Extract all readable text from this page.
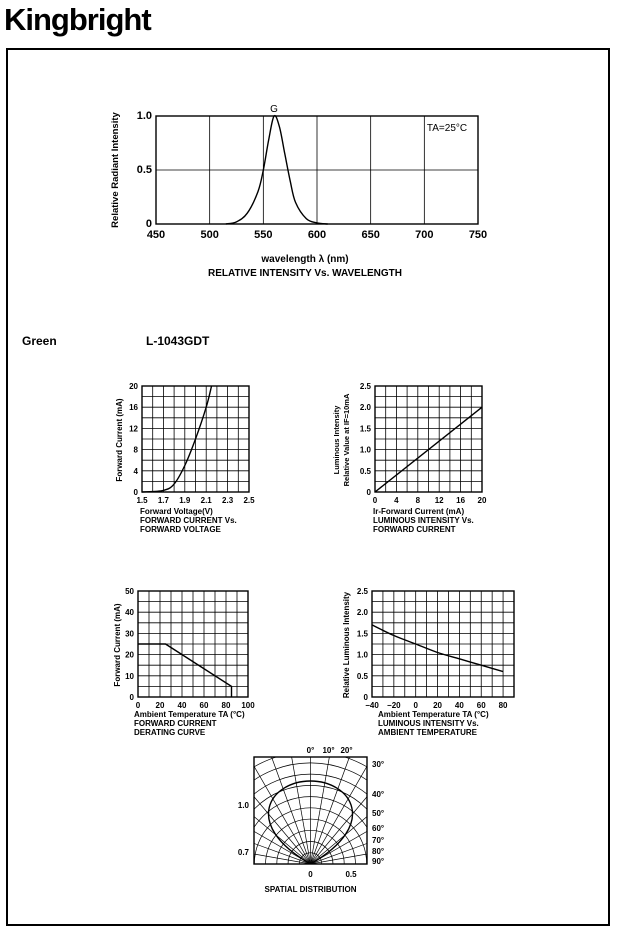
Kingbright
Green	L-1043GDT
450	500	550	600	650	700	750
0
0.5
1.0
G
TA=25°C
Relative Radiant Intensity
wavelength λ (nm)
RELATIVE INTENSITY Vs. WAVELENGTH
1.5 1.7 1.9 2.1 2.3 2.5
0
4
8
12
16
20
Forward Current (mA)
Forward Voltage(V)
FORWARD CURRENT Vs.
FORWARD VOLTAGE
0 4 8 12 16 20
0
0.5
1.0
1.5
2.0
2.5
Luminous Intensity Relative Value at IF=10mA
Ir-Forward Current (mA)
LUMINOUS INTENSITY Vs.
FORWARD CURRENT
0 20 40 60 80 100
0
10
20
30
40
50
Forward Current (mA)
Ambient Temperature TA (°C)
FORWARD CURRENT
DERATING CURVE
0
0.5
1.0
1.5
2.0
2.5
−40 −20 0 20 40 60 80
Relative Luminous Intensity
Ambient Temperature TA (°C)
LUMINOUS INTENSITY Vs.
AMBIENT TEMPERATURE
0° 10° 20°
30°
40°
50°
60°
70°
80°
90°
1.0
0.7
0	0.5
SPATIAL DISTRIBUTION
